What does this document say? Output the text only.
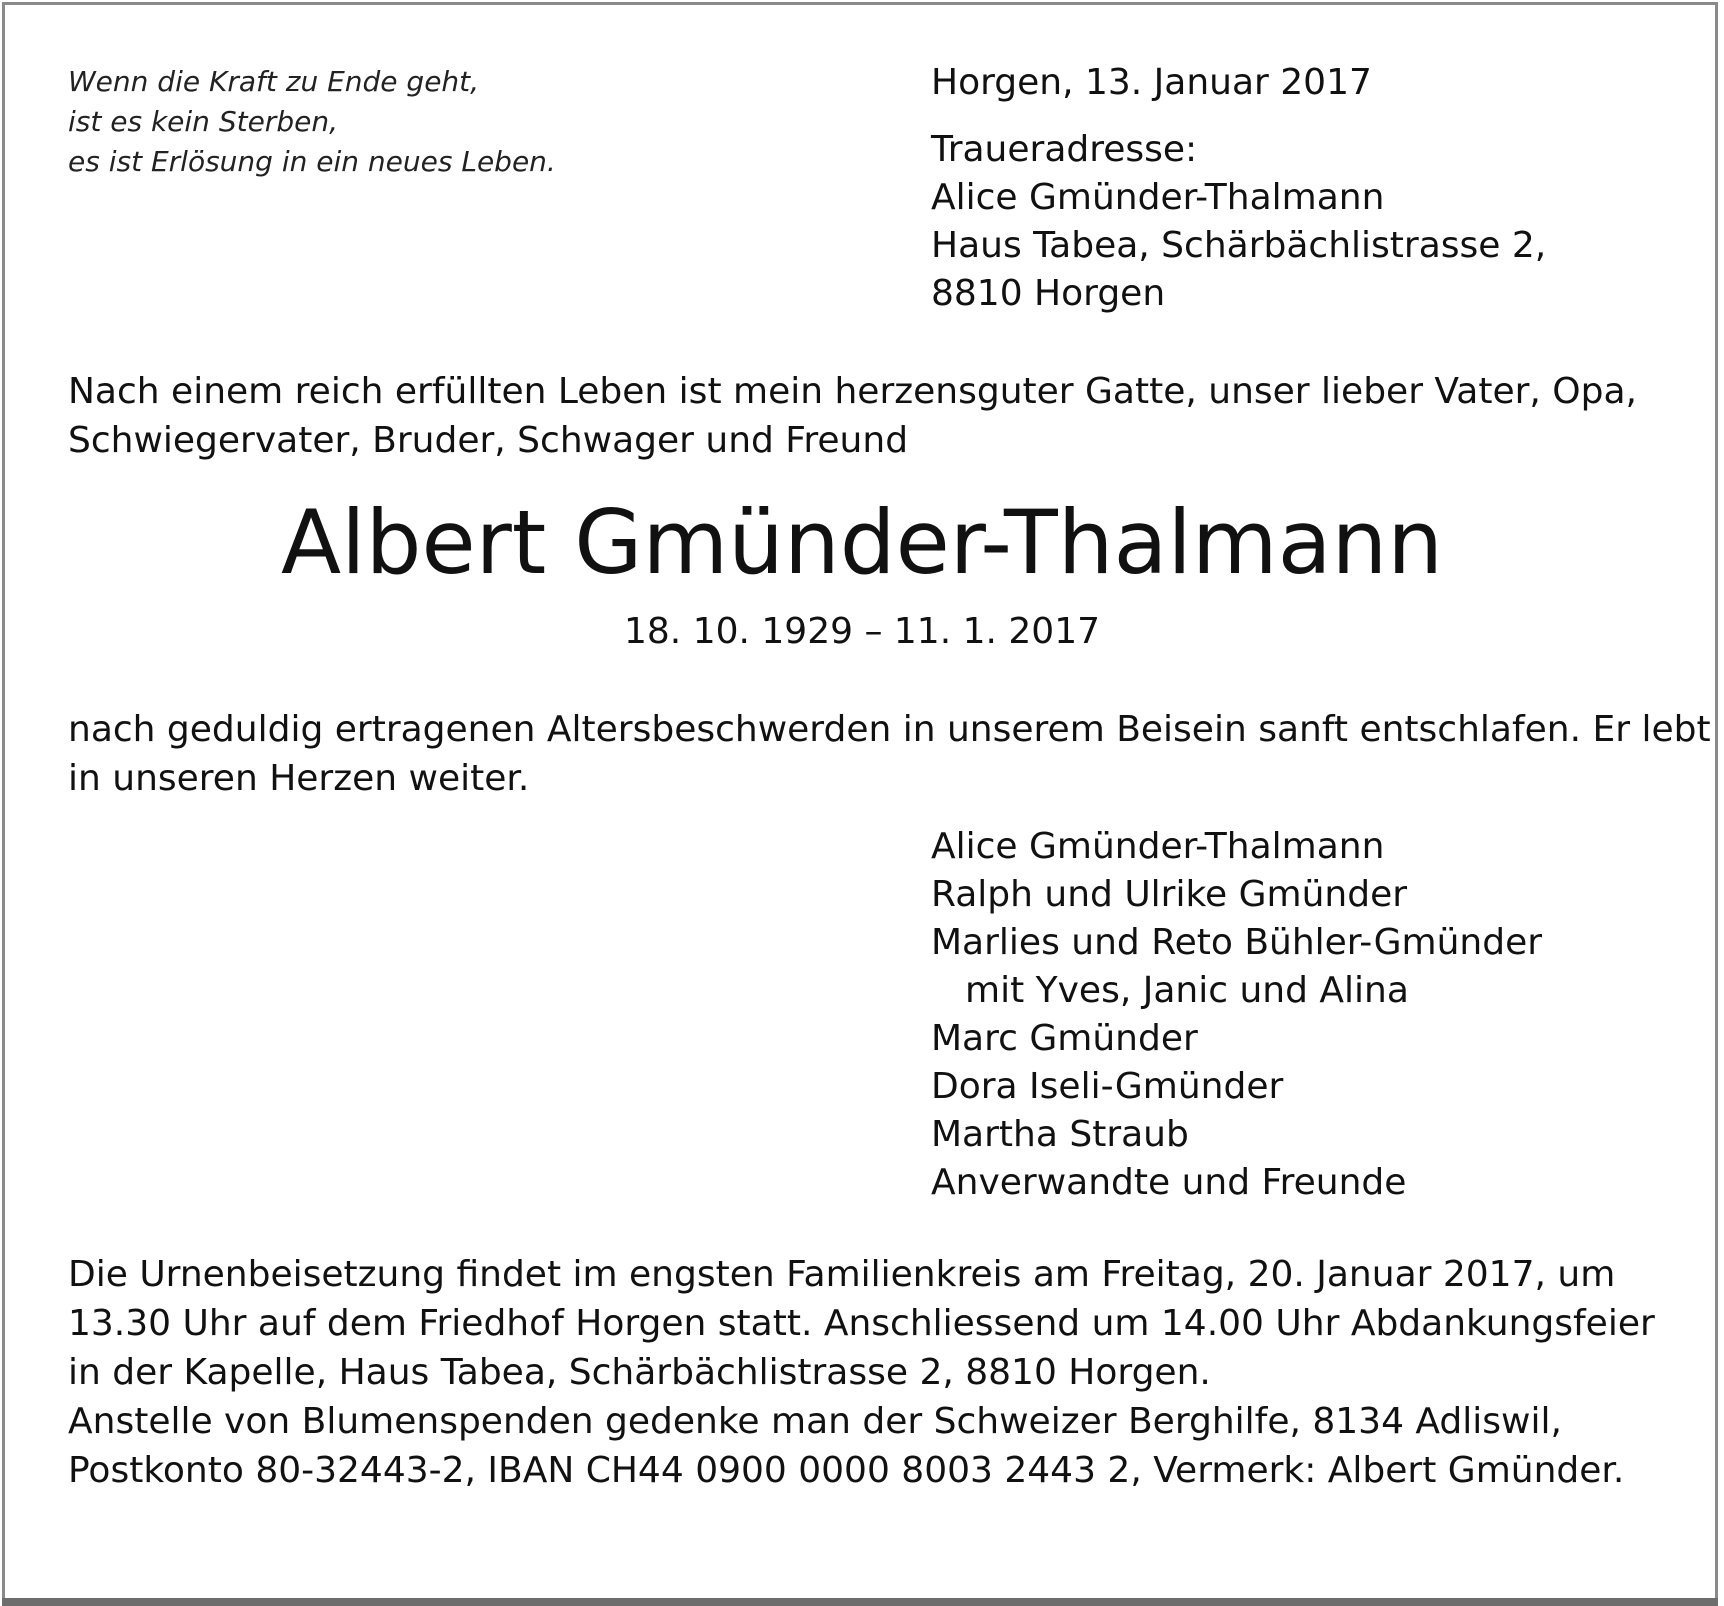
Wenn die Kraft zu Ende geht,
ist es kein Sterben,
es ist Erlösung in ein neues Leben.
Horgen, 13. Januar 2017
Traueradresse:
Alice Gmünder-Thalmann
Haus Tabea, Schärbächlistrasse 2,
8810 Horgen
Nach einem reich erfüllten Leben ist mein herzensguter Gatte, unser lieber Vater, Opa,
Schwiegervater, Bruder, Schwager und Freund
Albert Gmünder-Thalmann
18. 10. 1929 – 11. 1. 2017
nach geduldig ertragenen Altersbeschwerden in unserem Beisein sanft entschlafen. Er lebt
in unseren Herzen weiter.
Alice Gmünder-Thalmann
Ralph und Ulrike Gmünder
Marlies und Reto Bühler-Gmünder
mit Yves, Janic und Alina
Marc Gmünder
Dora Iseli-Gmünder
Martha Straub
Anverwandte und Freunde
Die Urnenbeisetzung findet im engsten Familienkreis am Freitag, 20. Januar 2017, um
13.30 Uhr auf dem Friedhof Horgen statt. Anschliessend um 14.00 Uhr Abdankungsfeier
in der Kapelle, Haus Tabea, Schärbächlistrasse 2, 8810 Horgen.
Anstelle von Blumenspenden gedenke man der Schweizer Berghilfe, 8134 Adliswil,
Postkonto 80-32443-2, IBAN CH44 0900 0000 8003 2443 2, Vermerk: Albert Gmünder.
